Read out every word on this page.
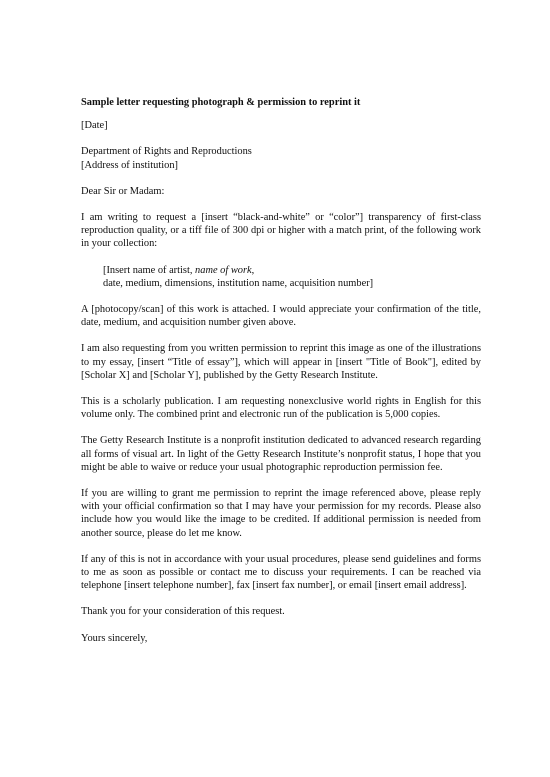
Sample letter requesting photograph & permission to reprint it
[Date]
Department of Rights and Reproductions
[Address of institution]
Dear Sir or Madam:
I am writing to request a [insert “black-and-white” or “color”] transparency of first-class reproduction quality, or a tiff file of 300 dpi or higher with a match print, of the following work in your collection:
[Insert name of artist, name of work,
date, medium, dimensions, institution name, acquisition number]
A [photocopy/scan] of this work is attached. I would appreciate your confirmation of the title, date, medium, and acquisition number given above.
I am also requesting from you written permission to reprint this image as one of the illustrations to my essay, [insert “Title of essay”], which will appear in [insert "Title of Book"], edited by [Scholar X] and [Scholar Y], published by the Getty Research Institute.
This is a scholarly publication. I am requesting nonexclusive world rights in English for this volume only. The combined print and electronic run of the publication is 5,000 copies.
The Getty Research Institute is a nonprofit institution dedicated to advanced research regarding all forms of visual art. In light of the Getty Research Institute’s nonprofit status, I hope that you might be able to waive or reduce your usual photographic reproduction permission fee.
If you are willing to grant me permission to reprint the image referenced above, please reply with your official confirmation so that I may have your permission for my records. Please also include how you would like the image to be credited. If additional permission is needed from another source, please do let me know.
If any of this is not in accordance with your usual procedures, please send guidelines and forms to me as soon as possible or contact me to discuss your requirements. I can be reached via telephone [insert telephone number], fax [insert fax number], or email [insert email address].
Thank you for your consideration of this request.
Yours sincerely,
